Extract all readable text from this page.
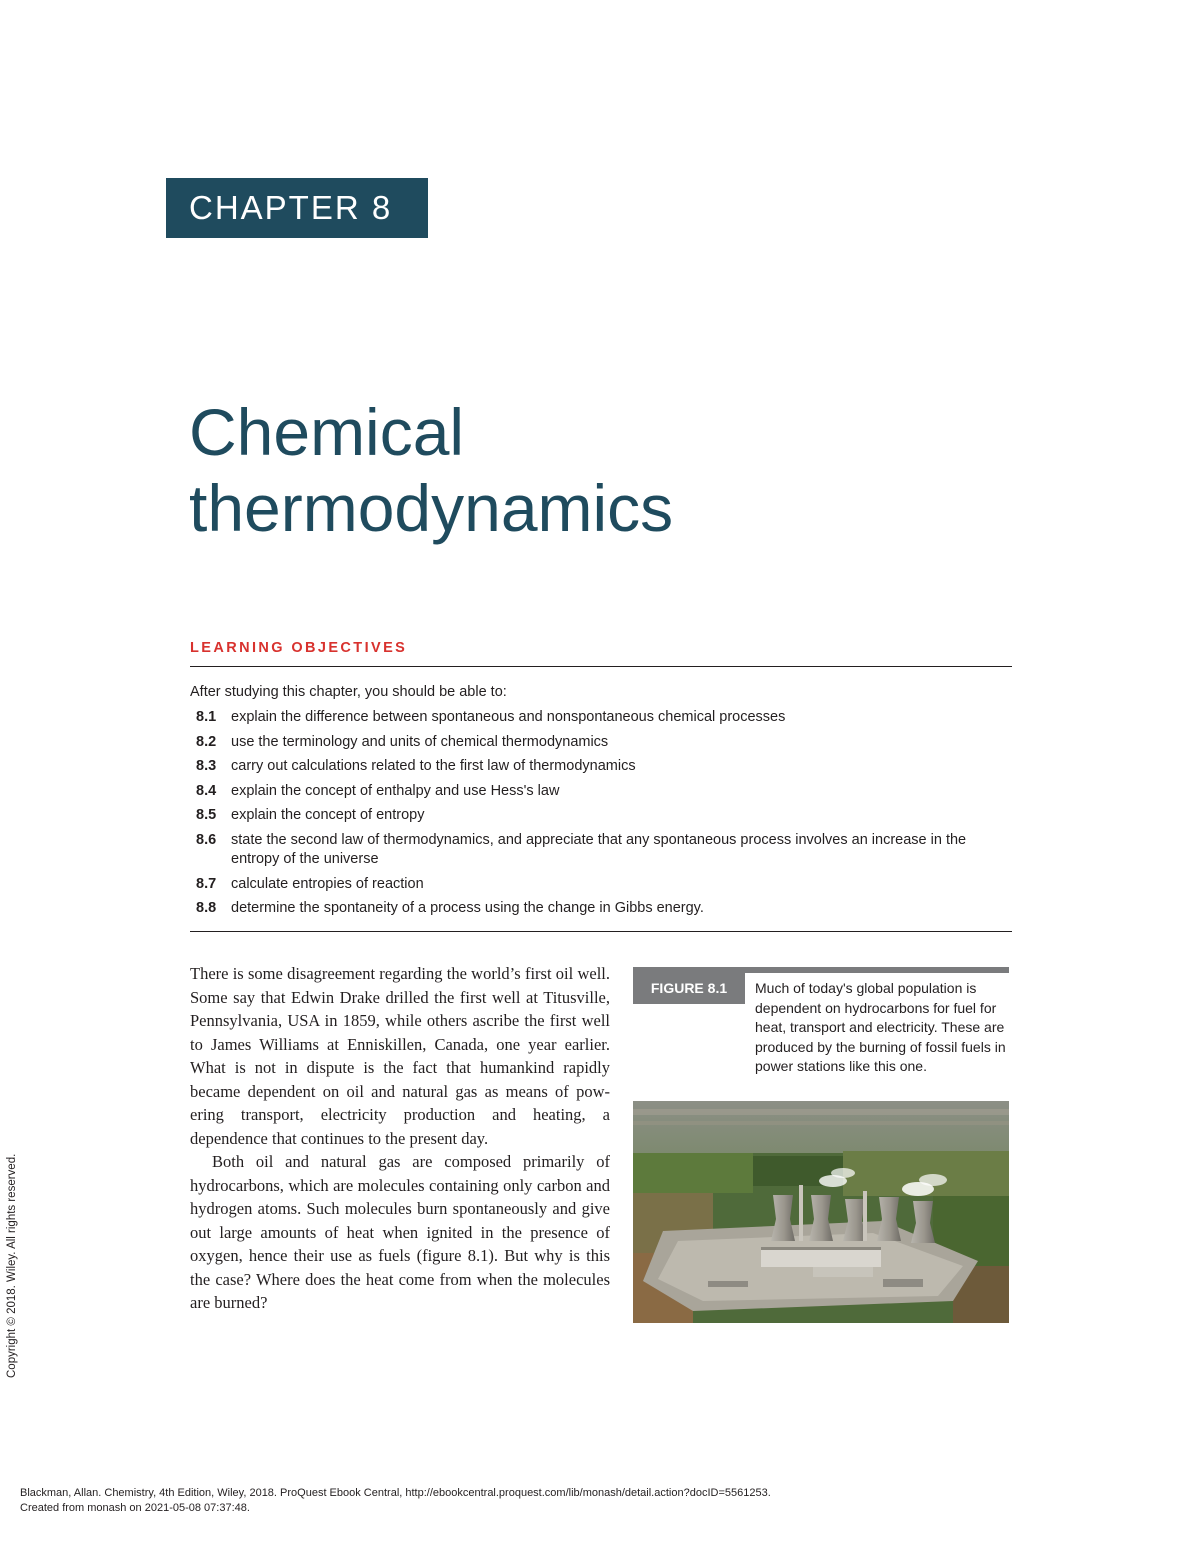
CHAPTER 8
Chemical
thermodynamics
LEARNING OBJECTIVES
After studying this chapter, you should be able to:
8.1 explain the difference between spontaneous and nonspontaneous chemical processes
8.2 use the terminology and units of chemical thermodynamics
8.3 carry out calculations related to the first law of thermodynamics
8.4 explain the concept of enthalpy and use Hess's law
8.5 explain the concept of entropy
8.6 state the second law of thermodynamics, and appreciate that any spontaneous process involves an increase in the entropy of the universe
8.7 calculate entropies of reaction
8.8 determine the spontaneity of a process using the change in Gibbs energy.

There is some disagreement regarding the world’s first oil well. Some say that Edwin Drake drilled the first well at Titusville, Pennsylvania, USA in 1859, while others ascribe the first well to James Williams at Enniskillen, Canada, one year earlier. What is not in dispute is the fact that humankind rapidly became dependent on oil and natural gas as means of pow-ering transport, electricity production and heating, a dependence that continues to the present day.

Both oil and natural gas are composed primarily of hydrocarbons, which are molecules containing only carbon and hydrogen atoms. Such molecules burn spontaneously and give out large amounts of heat when ignited in the presence of oxygen, hence their use as fuels (figure 8.1). But why is this the case? Where does the heat come from when the molecules are burned?

FIGURE 8.1	Much of today's global population is dependent on hydrocarbons for fuel for heat, transport and electricity. These are produced by the burning of fossil fuels in power stations like this one.
Copyright © 2018. Wiley. All rights reserved.
Blackman, Allan. Chemistry, 4th Edition, Wiley, 2018. ProQuest Ebook Central, http://ebookcentral.proquest.com/lib/monash/detail.action?docID=5561253.
Created from monash on 2021-05-08 07:37:48.
